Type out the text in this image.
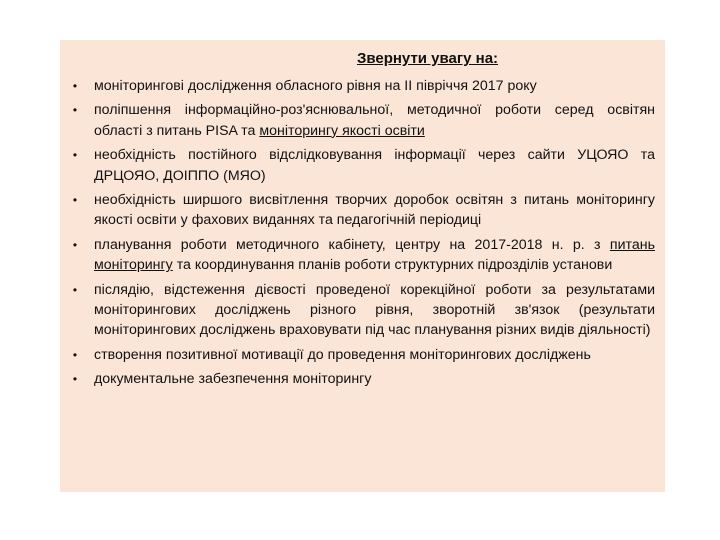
Звернути увагу на:
• моніторингові дослідження обласного рівня на ІІ півріччя 2017 року
• поліпшення інформаційно-роз'яснювальної, методичної роботи серед освітян області з питань PISA та моніторингу якості освіти
• необхідність постійного відслідковування інформації через сайти УЦОЯО та ДРЦОЯО, ДОІППО (МЯО)
• необхідність ширшого висвітлення творчих доробок освітян з питань моніторингу якості освіти у фахових виданнях та педагогічній періодиці
• планування роботи методичного кабінету, центру на 2017-2018 н. р. з питань моніторингу та координування планів роботи структурних підрозділів установи
• післядію, відстеження дієвості проведеної корекційної роботи за результатами моніторингових досліджень різного рівня, зворотній зв'язок (результати моніторингових досліджень враховувати під час планування різних видів діяльності)
• створення позитивної мотивації до проведення моніторингових досліджень
• документальне забезпечення моніторингу
